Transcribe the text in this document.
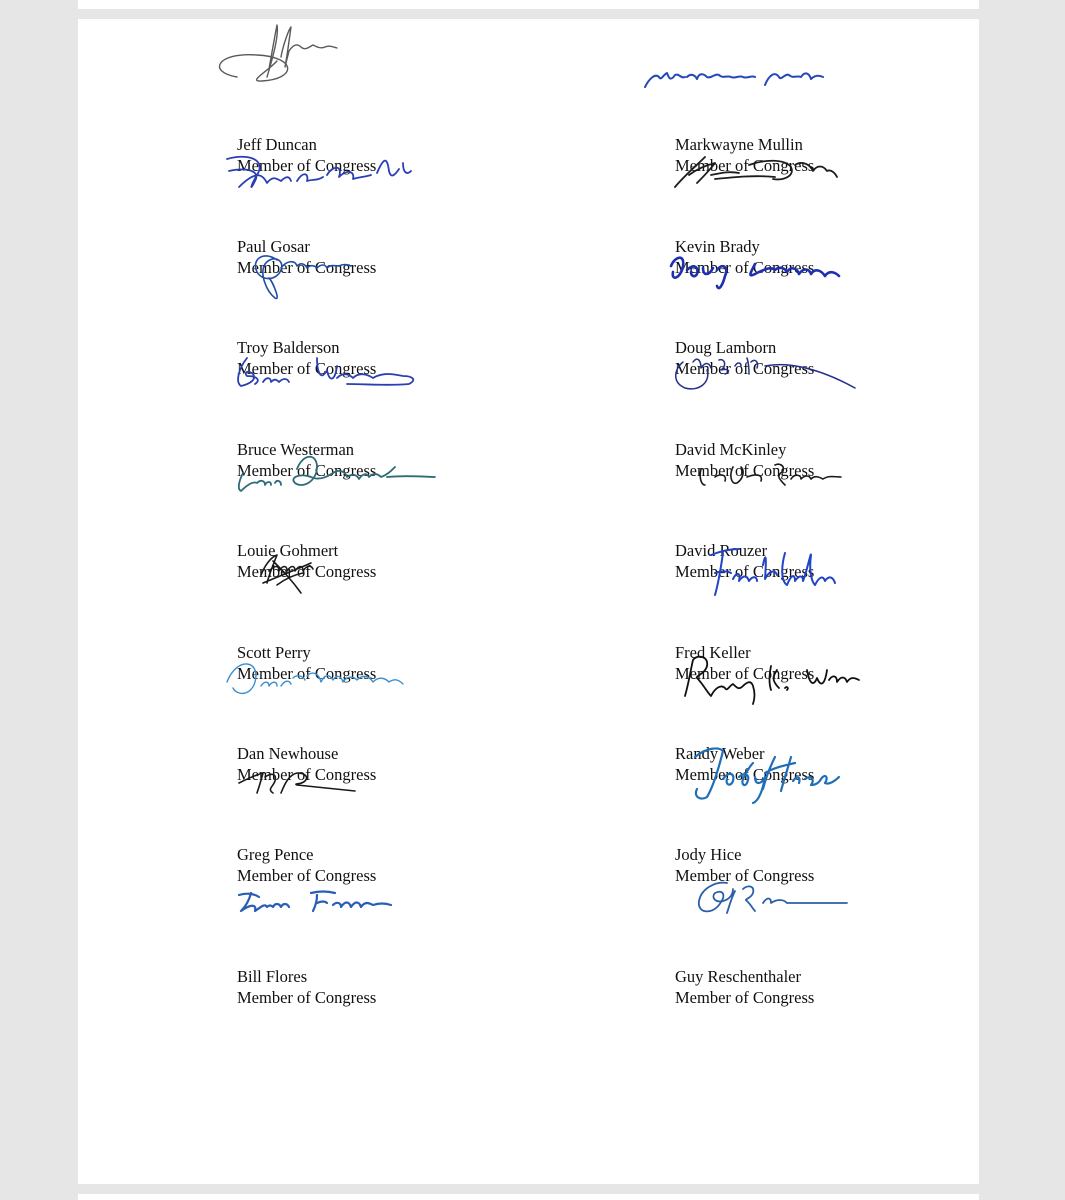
Jeff Duncan
Member of Congress
Markwayne Mullin
Member of Congress
Paul Gosar
Member of Congress
Kevin Brady
Member of Congress
Troy Balderson
Member of Congress
Doug Lamborn
Member of Congress
Bruce Westerman
Member of Congress
David McKinley
Member of Congress
Louie Gohmert
Member of Congress
David Rouzer
Member of Congress
Scott Perry
Member of Congress
Fred Keller
Member of Congress
Dan Newhouse
Member of Congress
Randy Weber
Member of Congress
Greg Pence
Member of Congress
Jody Hice
Member of Congress
Bill Flores
Member of Congress
Guy Reschenthaler
Member of Congress
